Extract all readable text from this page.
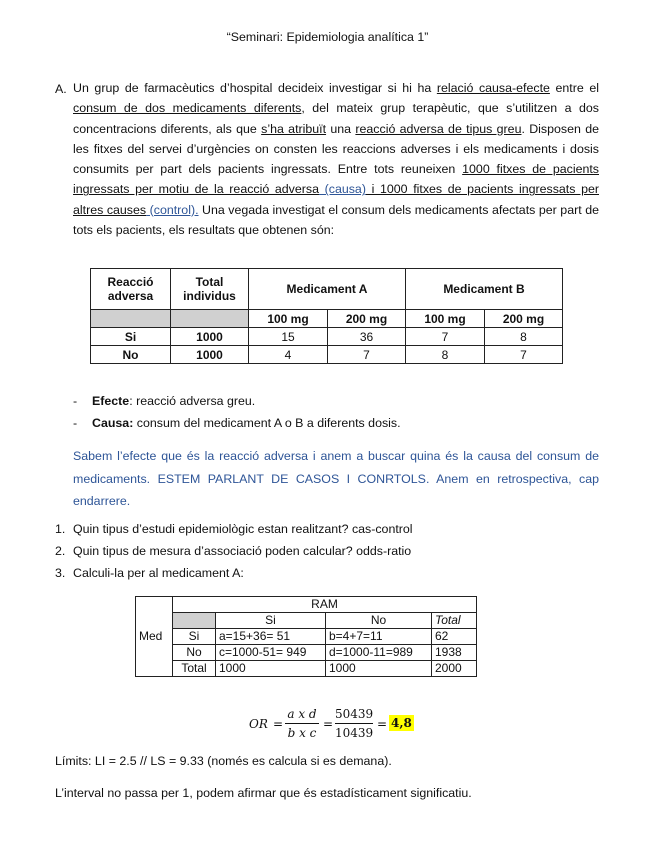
“Seminari: Epidemiologia analítica 1”
A. Un grup de farmacèutics d’hospital decideix investigar si hi ha relació causa-efecte entre el consum de dos medicaments diferents, del mateix grup terapèutic, que s’utilitzen a dos concentracions diferents, als que s’ha atribuït una reacció adversa de tipus greu. Disposen de les fitxes del servei d’urgències on consten les reaccions adverses i els medicaments i dosis consumits per part dels pacients ingressats. Entre tots reuneixen 1000 fitxes de pacients ingressats per motiu de la reacció adversa (causa) i 1000 fitxes de pacients ingressats per altres causes (control). Una vegada investigat el consum dels medicaments afectats per part de tots els pacients, els resultats que obtenen són:
Reacció adversa	Total individus	Medicament A		Medicament B	
		100 mg	200 mg	100 mg	200 mg
Si	1000	15	36	7	8
No	1000	4	7	8	7
- Efecte: reacció adversa greu.
- Causa: consum del medicament A o B a diferents dosis.
Sabem l’efecte que és la reacció adversa i anem a buscar quina és la causa del consum de medicaments. ESTEM PARLANT DE CASOS I CONRTOLS. Anem en retrospectiva, cap endarrere.
1. Quin tipus d’estudi epidemiològic estan realitzant? cas-control
2. Quin tipus de mesura d’associació poden calcular? odds-ratio
3. Calculi-la per al medicament A:
Med	RAM			
		Si	No	Total
	Si	a=15+36= 51	b=4+7=11	62
	No	c=1000-51= 949	d=1000-11=989	1938
	Total	1000	1000	2000
OR =
a x d
b x c
=
50439
10439
= 4,8
Límits: LI = 2.5 // LS = 9.33 (només es calcula si es demana).
L’interval no passa per 1, podem afirmar que és estadísticament significatiu.
